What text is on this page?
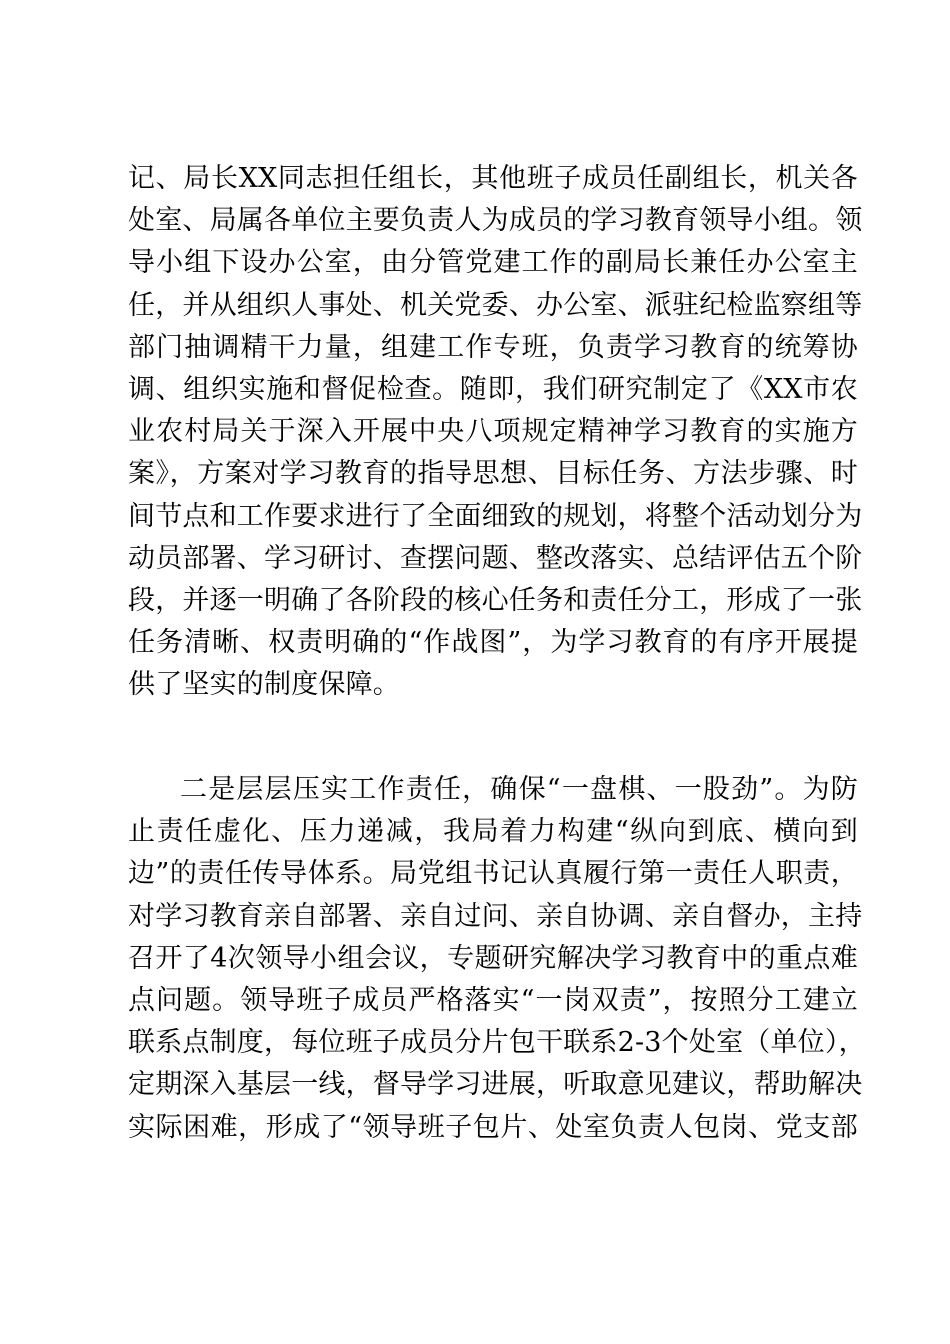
记、局长XX同志担任组长，其他班子成员任副组长，机关各
处室、局属各单位主要负责人为成员的学习教育领导小组。领
导小组下设办公室，由分管党建工作的副局长兼任办公室主
任，并从组织人事处、机关党委、办公室、派驻纪检监察组等
部门抽调精干力量，组建工作专班，负责学习教育的统筹协
调、组织实施和督促检查。随即，我们研究制定了《XX市农
业农村局关于深入开展中央八项规定精神学习教育的实施方
案》，方案对学习教育的指导思想、目标任务、方法步骤、时
间节点和工作要求进行了全面细致的规划，将整个活动划分为
动员部署、学习研讨、查摆问题、整改落实、总结评估五个阶
段，并逐一明确了各阶段的核心任务和责任分工，形成了一张
任务清晰、权责明确的“作战图”，为学习教育的有序开展提
供了坚实的制度保障。
二是层层压实工作责任，确保“一盘棋、一股劲”。为防
止责任虚化、压力递减，我局着力构建“纵向到底、横向到
边”的责任传导体系。局党组书记认真履行第一责任人职责，
对学习教育亲自部署、亲自过问、亲自协调、亲自督办，主持
召开了4次领导小组会议，专题研究解决学习教育中的重点难
点问题。领导班子成员严格落实“一岗双责”，按照分工建立
联系点制度，每位班子成员分片包干联系2-3个处室（单位），
定期深入基层一线，督导学习进展，听取意见建议，帮助解决
实际困难，形成了“领导班子包片、处室负责人包岗、党支部
